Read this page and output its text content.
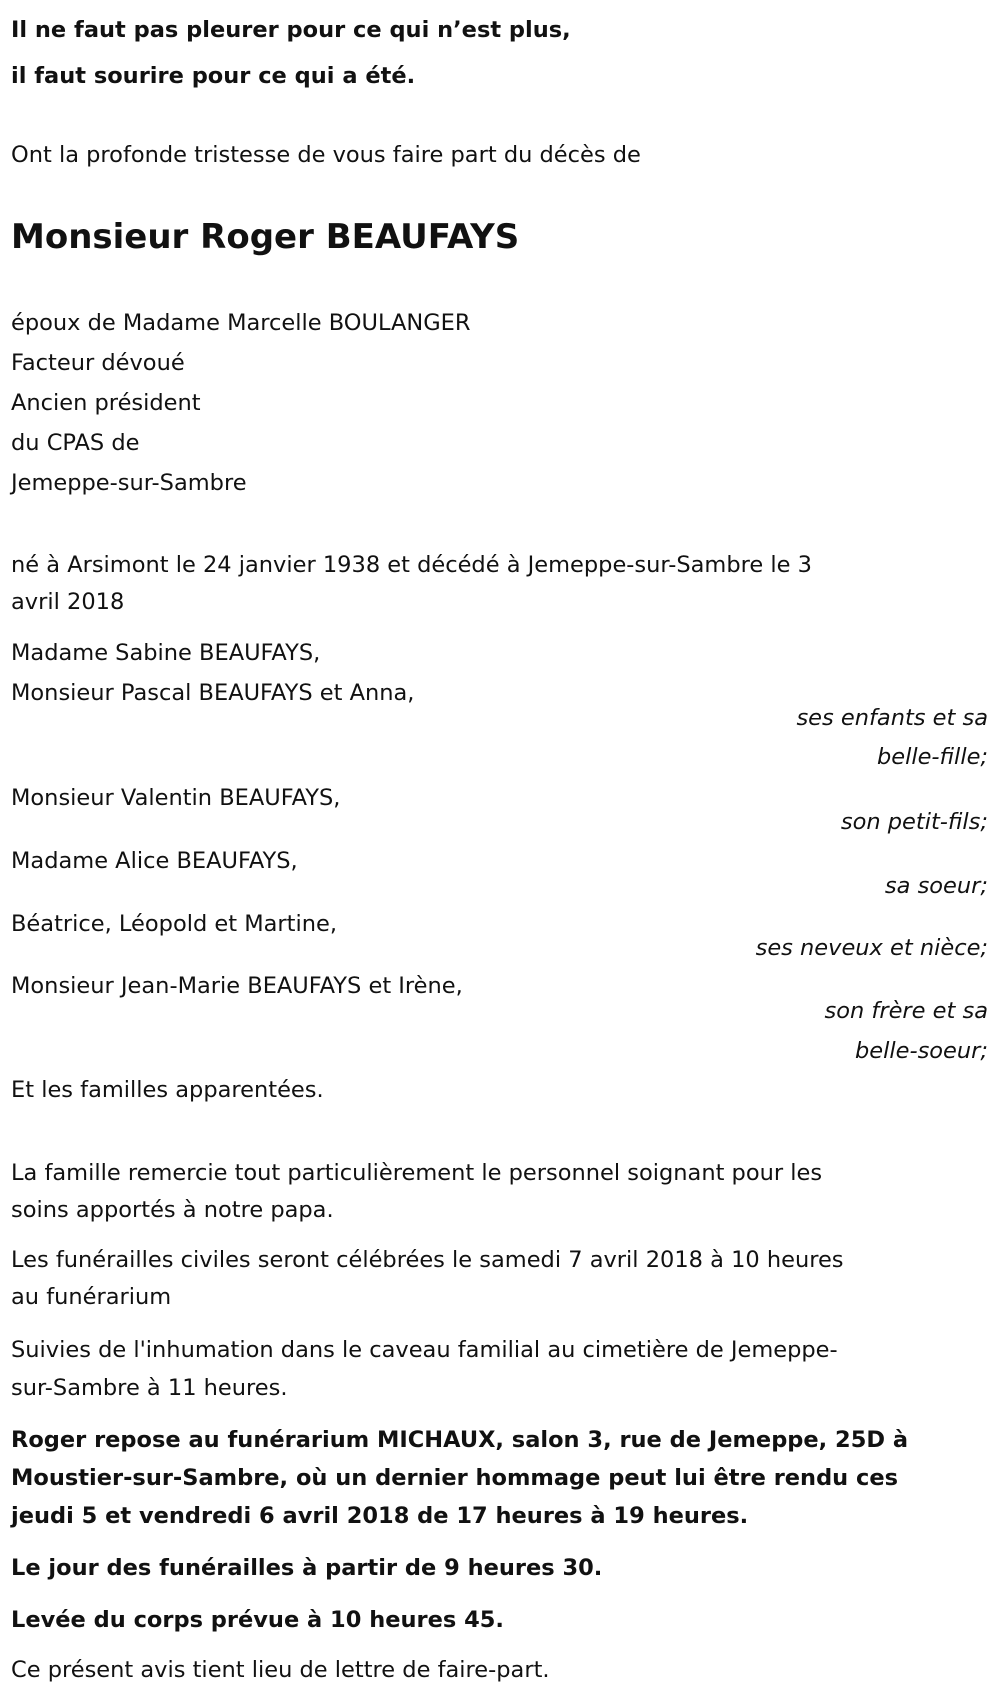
Il ne faut pas pleurer pour ce qui n’est plus,
il faut sourire pour ce qui a été.
Ont la profonde tristesse de vous faire part du décès de
Monsieur Roger BEAUFAYS
époux de Madame Marcelle BOULANGER
Facteur dévoué
Ancien président
du CPAS de
Jemeppe-sur-Sambre
né à Arsimont le 24 janvier 1938 et décédé à Jemeppe-sur-Sambre le 3
avril 2018
Madame Sabine BEAUFAYS,
Monsieur Pascal BEAUFAYS et Anna,
ses enfants et sa
belle-fille;
Monsieur Valentin BEAUFAYS,
son petit-fils;
Madame Alice BEAUFAYS,
sa soeur;
Béatrice, Léopold et Martine,
ses neveux et nièce;
Monsieur Jean-Marie BEAUFAYS et Irène,
son frère et sa
belle-soeur;
Et les familles apparentées.
La famille remercie tout particulièrement le personnel soignant pour les
soins apportés à notre papa.
Les funérailles civiles seront célébrées le samedi 7 avril 2018 à 10 heures
au funérarium
Suivies de l'inhumation dans le caveau familial au cimetière de Jemeppe-
sur-Sambre à 11 heures.
Roger repose au funérarium MICHAUX, salon 3, rue de Jemeppe, 25D à
Moustier-sur-Sambre, où un dernier hommage peut lui être rendu ces
jeudi 5 et vendredi 6 avril 2018 de 17 heures à 19 heures.
Le jour des funérailles à partir de 9 heures 30.
Levée du corps prévue à 10 heures 45.
Ce présent avis tient lieu de lettre de faire-part.
